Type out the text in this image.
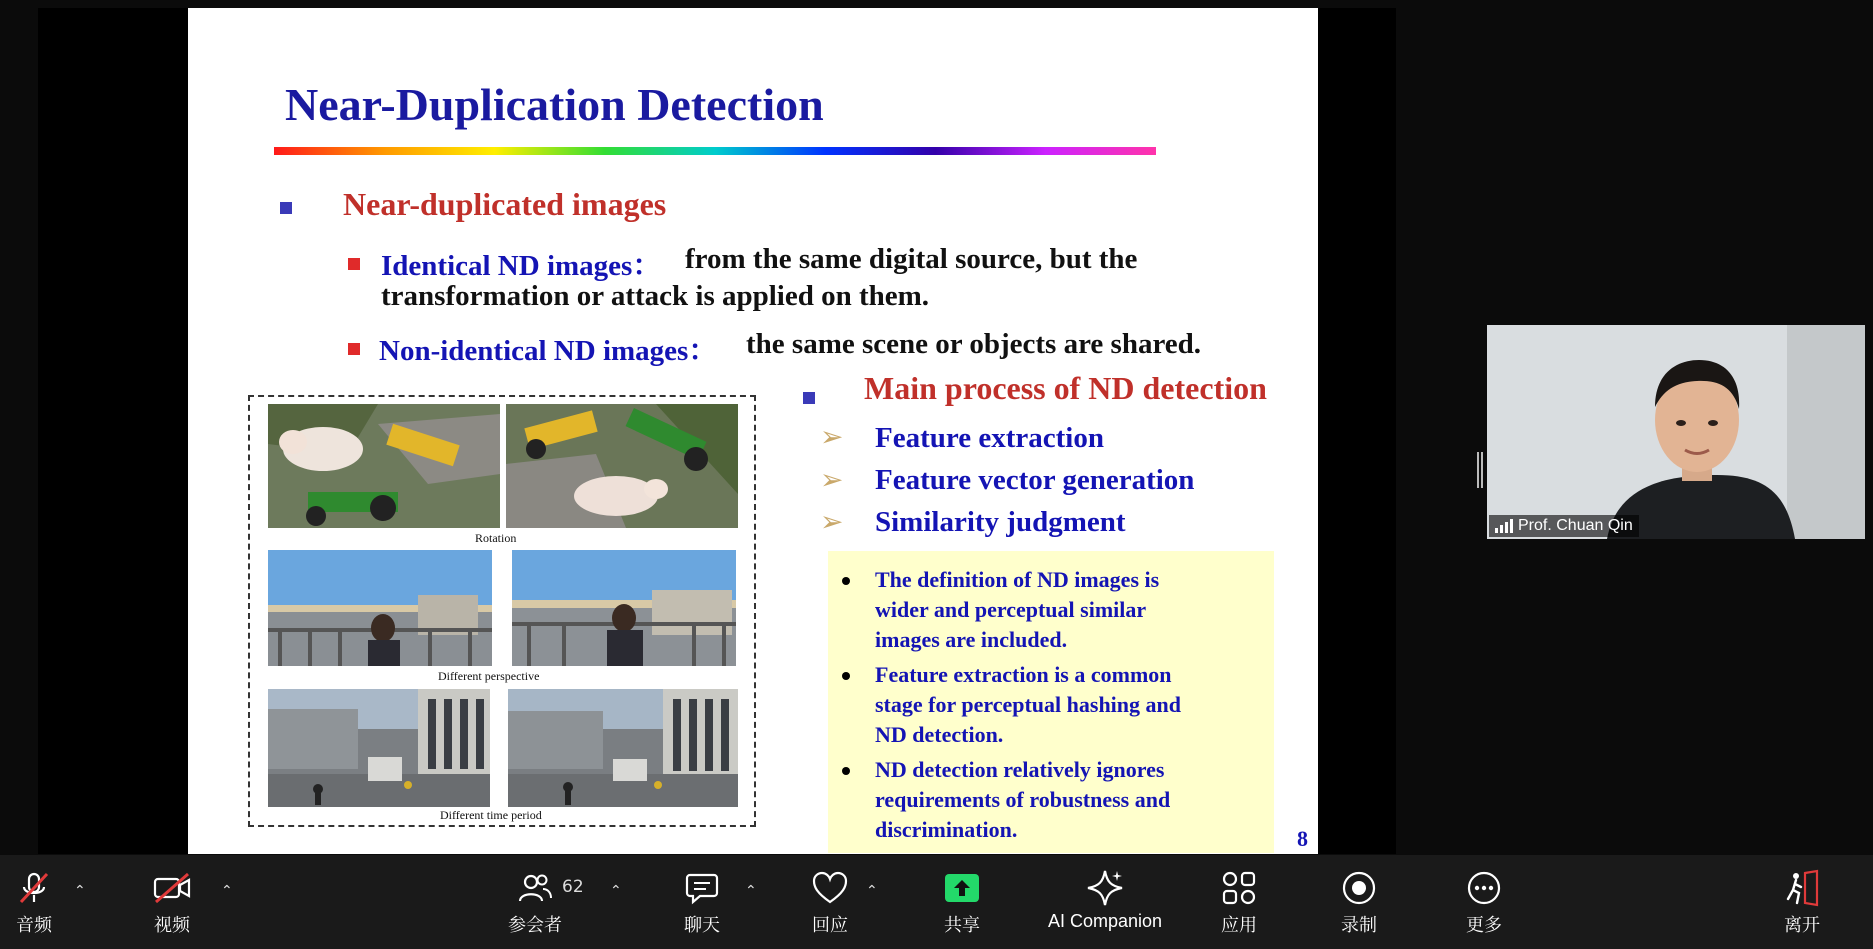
Near-Duplication Detection
Near-duplicated images
Identical ND images： from the same digital source, but the
transformation or attack is applied on them.
Non-identical ND images： the same scene or objects are shared.
Rotation
Different perspective
Different time period
Main process of ND detection
➢ Feature extraction
➢ Feature vector generation
➢ Similarity judgment
The definition of ND images is
wider and perceptual similar
images are included.
Feature extraction is a common
stage for perceptual hashing and
ND detection.
ND detection relatively ignores
requirements of robustness and
discrimination.	8
Prof. Chuan Qin
音频
⌃
视频
⌃
参会者
62 ⌃
聊天
⌃
回应
⌃
共享	AI Companion	应用	录制	更多	离开
